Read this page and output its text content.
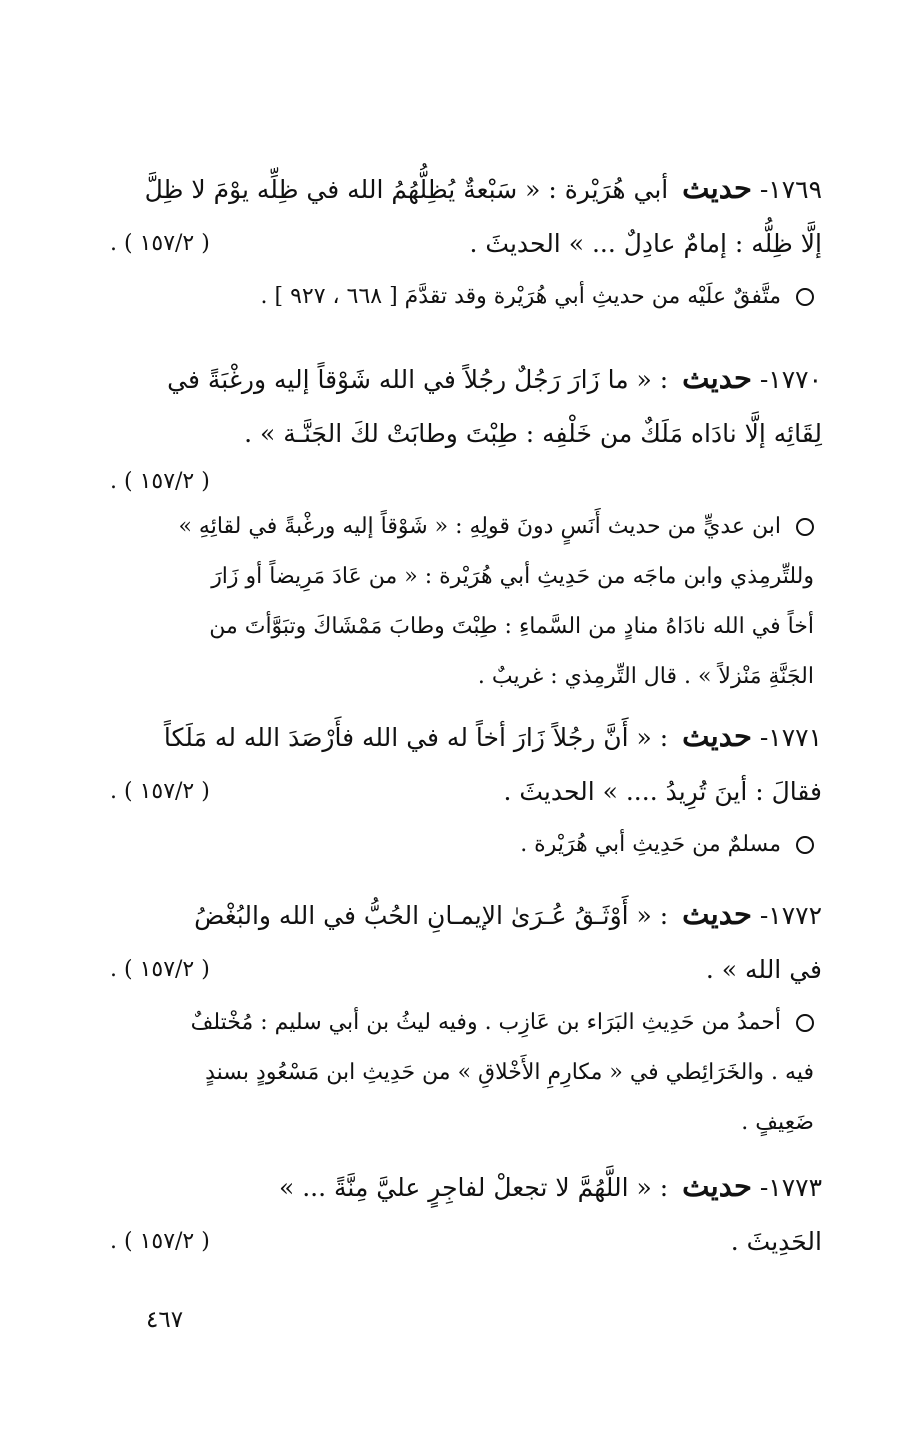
١٧٦٩- حديث أبي هُرَيْرة : « سَبْعةٌ يُظِلُّهُمُ الله في ظِلِّه يوْمَ لا ظِلَّ
إلَّا ظِلُّه : إمامٌ عادِلٌ ... » الحديثَ .
( ١٥٧/٢ ) .
متَّفقٌ علَيْه من حديثِ أبي هُرَيْرة وقد تقدَّمَ [ ٦٦٨ ، ٩٢٧ ] .
١٧٧٠- حديث : « ما زَارَ رَجُلٌ رجُلاً في الله شَوْقاً إليه ورغْبَةً في
لِقَائِه إلَّا نادَاه مَلَكٌ من خَلْفِه : طِبْتَ وطابَتْ لكَ الجَنَّـة » .
( ١٥٧/٢ ) .
ابن عديٍّ من حديث أَنَسٍ دونَ قولِهِ : « شَوْقاً إليه ورغْبةً في لقائِهِ »
وللتِّرمِذي وابن ماجَه من حَدِيثِ أبي هُرَيْرة : « من عَادَ مَرِيضاً أو زَارَ
أخاً في الله نادَاهُ منادٍ من السَّماءِ : طِبْتَ وطابَ مَمْشَاكَ وتبَوَّأتَ من
الجَنَّةِ مَنْزلاً » . قال التِّرمِذي : غريبٌ .
١٧٧١- حديث : « أَنَّ رجُلاً زَارَ أخاً له في الله فأَرْصَدَ الله له مَلَكاً
فقالَ : أينَ تُرِيدُ .... » الحديثَ .
( ١٥٧/٢ ) .
مسلمٌ من حَدِيثِ أبي هُرَيْرة .
١٧٧٢- حديث : « أَوْثَـقُ عُـرَىٰ الإيمـانِ الحُبُّ في الله والبُغْضُ
في الله » .
( ١٥٧/٢ ) .
أحمدُ من حَدِيثِ البَرَاء بن عَازِب . وفيه ليثُ بن أبي سليم : مُخْتلفٌ
فيه . والخَرَائِطي في « مكارِمِ الأَخْلاقِ » من حَدِيثِ ابن مَسْعُودٍ بسندٍ
ضَعِيفٍ .
١٧٧٣- حديث : « اللَّهُمَّ لا تجعلْ لفاجِرٍ عليَّ مِنَّةً ... »
الحَدِيثَ .
( ١٥٧/٢ ) .
٤٦٧
